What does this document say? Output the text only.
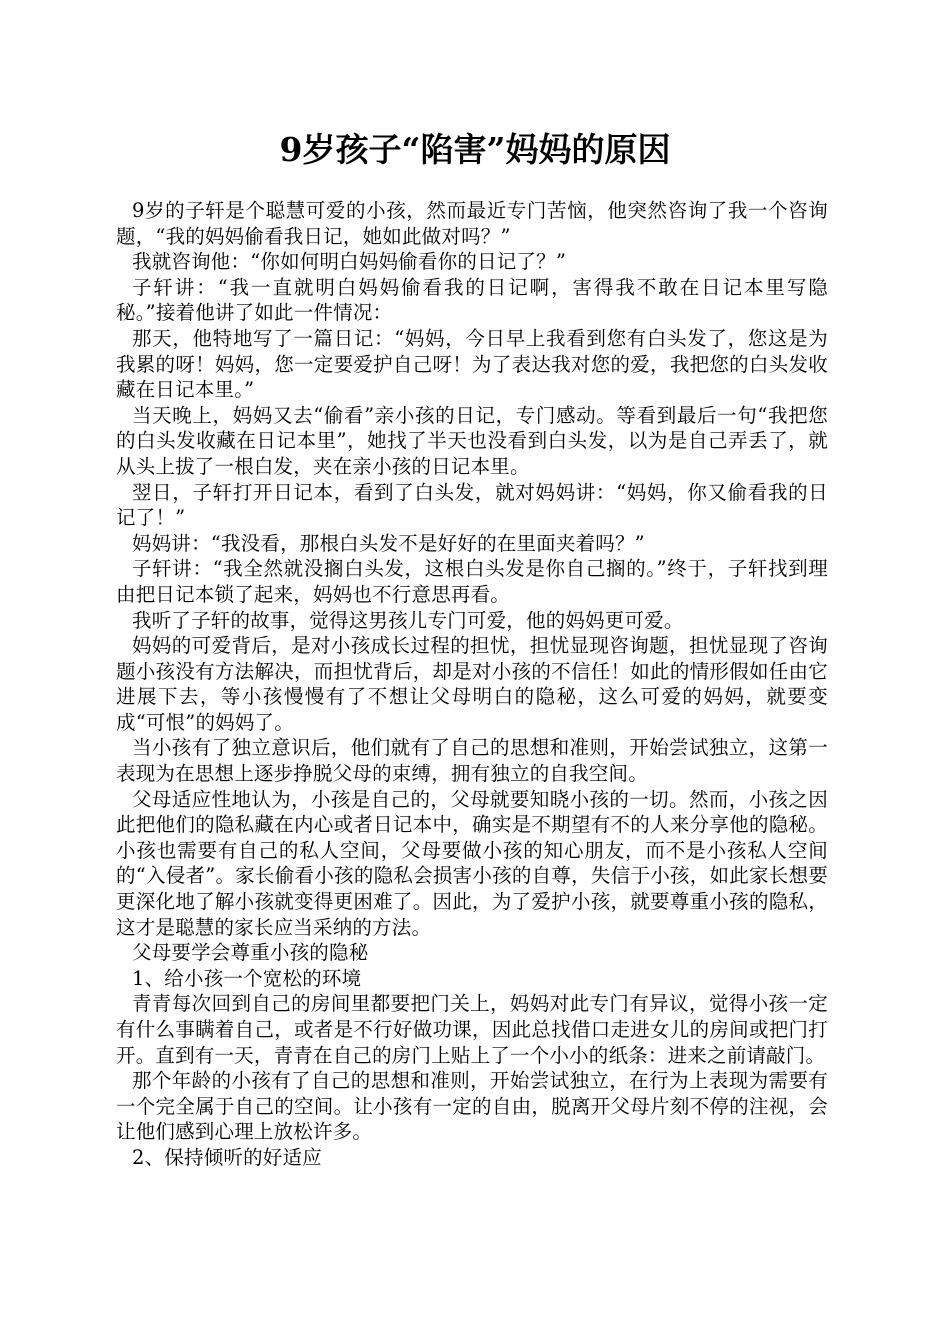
9岁孩子“陷害”妈妈的原因

9岁的子轩是个聪慧可爱的小孩，然而最近专门苦恼，他突然咨询了我一个咨询题，“我的妈妈偷看我日记，她如此做对吗？”

我就咨询他：“你如何明白妈妈偷看你的日记了？”

子轩讲：“我一直就明白妈妈偷看我的日记啊，害得我不敢在日记本里写隐秘。”接着他讲了如此一件情况：

那天，他特地写了一篇日记：“妈妈，今日早上我看到您有白头发了，您这是为我累的呀！妈妈，您一定要爱护自己呀！为了表达我对您的爱，我把您的白头发收藏在日记本里。”

当天晚上，妈妈又去“偷看”亲小孩的日记，专门感动。等看到最后一句“我把您的白头发收藏在日记本里”，她找了半天也没看到白头发，以为是自己弄丢了，就从头上拔了一根白发，夹在亲小孩的日记本里。

翌日，子轩打开日记本，看到了白头发，就对妈妈讲：“妈妈，你又偷看我的日记了！”

妈妈讲：“我没看，那根白头发不是好好的在里面夹着吗？”

子轩讲：“我全然就没搁白头发，这根白头发是你自己搁的。”终于，子轩找到理由把日记本锁了起来，妈妈也不行意思再看。

我听了子轩的故事，觉得这男孩儿专门可爱，他的妈妈更可爱。

妈妈的可爱背后，是对小孩成长过程的担忧，担忧显现咨询题，担忧显现了咨询题小孩没有方法解决，而担忧背后，却是对小孩的不信任！如此的情形假如任由它进展下去，等小孩慢慢有了不想让父母明白的隐秘，这么可爱的妈妈，就要变成“可恨”的妈妈了。

当小孩有了独立意识后，他们就有了自己的思想和准则，开始尝试独立，这第一表现为在思想上逐步挣脱父母的束缚，拥有独立的自我空间。

父母适应性地认为，小孩是自己的，父母就要知晓小孩的一切。然而，小孩之因此把他们的隐私藏在内心或者日记本中，确实是不期望有不的人来分享他的隐秘。小孩也需要有自己的私人空间，父母要做小孩的知心朋友，而不是小孩私人空间的“入侵者”。家长偷看小孩的隐私会损害小孩的自尊，失信于小孩，如此家长想要更深化地了解小孩就变得更困难了。因此，为了爱护小孩，就要尊重小孩的隐私，这才是聪慧的家长应当采纳的方法。

父母要学会尊重小孩的隐秘

1、给小孩一个宽松的环境

青青每次回到自己的房间里都要把门关上，妈妈对此专门有异议，觉得小孩一定有什么事瞒着自己，或者是不行好做功课，因此总找借口走进女儿的房间或把门打开。直到有一天，青青在自己的房门上贴上了一个小小的纸条：进来之前请敲门。

那个年龄的小孩有了自己的思想和准则，开始尝试独立，在行为上表现为需要有一个完全属于自己的空间。让小孩有一定的自由，脱离开父母片刻不停的注视，会让他们感到心理上放松许多。

2、保持倾听的好适应
